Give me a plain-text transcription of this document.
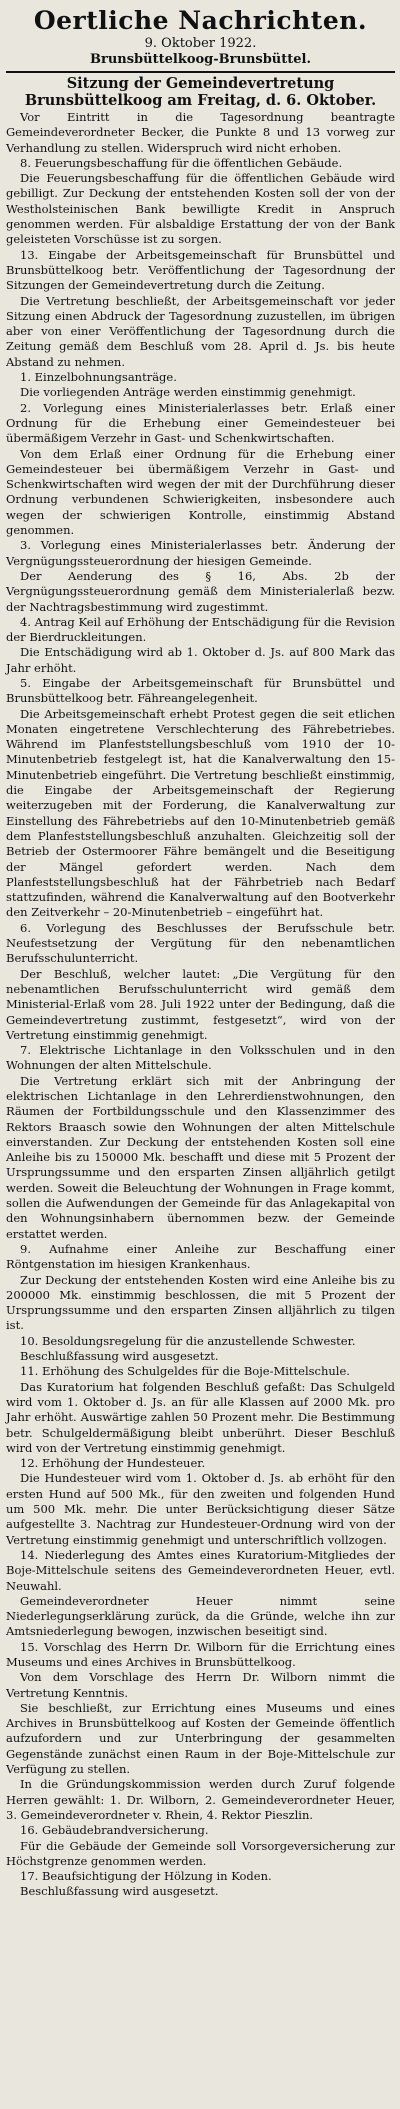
Oertliche Nachrichten.
9. Oktober 1922.
Brunsbüttelkoog-Brunsbüttel.
Sitzung der Gemeindevertretung
Brunsbüttelkoog am Freitag, d. 6. Oktober.

Vor Eintritt in die Tagesordnung beantragte Gemeindeverordneter Becker, die Punkte 8 und 13 vorweg zur Verhandlung zu stellen. Widerspruch wird nicht erhoben.

8. Feuerungsbeschaffung für die öffentlichen Gebäude.

Die Feuerungsbeschaffung für die öffentlichen Gebäude wird gebilligt. Zur Deckung der entstehenden Kosten soll der von der Westholsteinischen Bank bewilligte Kredit in Anspruch genommen werden. Für alsbaldige Erstattung der von der Bank geleisteten Vorschüsse ist zu sorgen.

13. Eingabe der Arbeitsgemeinschaft für Brunsbüttel und Brunsbüttelkoog betr. Veröffentlichung der Tagesordnung der Sitzungen der Gemeindevertretung durch die Zeitung.

Die Vertretung beschließt, der Arbeitsgemeinschaft vor jeder Sitzung einen Abdruck der Tagesordnung zuzustellen, im übrigen aber von einer Veröffentlichung der Tagesordnung durch die Zeitung gemäß dem Beschluß vom 28. April d. Js. bis heute Abstand zu nehmen.

1. Einzelbohnungsanträge.

Die vorliegenden Anträge werden einstimmig genehmigt.

2. Vorlegung eines Ministerialerlasses betr. Erlaß einer Ordnung für die Erhebung einer Gemeindesteuer bei übermäßigem Verzehr in Gast- und Schenkwirtschaften.

Von dem Erlaß einer Ordnung für die Erhebung einer Gemeindesteuer bei übermäßigem Verzehr in Gast- und Schenkwirtschaften wird wegen der mit der Durchführung dieser Ordnung verbundenen Schwierigkeiten, insbesondere auch wegen der schwierigen Kontrolle, einstimmig Abstand genommen.

3. Vorlegung eines Ministerialerlasses betr. Änderung der Vergnügungssteuerordnung der hiesigen Gemeinde.

Der Aenderung des § 16, Abs. 2b der Vergnügungssteuerordnung gemäß dem Ministerialerlaß bezw. der Nachtragsbestimmung wird zugestimmt.

4. Antrag Keil auf Erhöhung der Entschädigung für die Revision der Bierdruckleitungen.

Die Entschädigung wird ab 1. Oktober d. Js. auf 800 Mark das Jahr erhöht.

5. Eingabe der Arbeitsgemeinschaft für Brunsbüttel und Brunsbüttelkoog betr. Fähreangelegenheit.

Die Arbeitsgemeinschaft erhebt Protest gegen die seit etlichen Monaten eingetretene Verschlechterung des Fährebetriebes. Während im Planfeststellungsbeschluß vom 1910 der 10-Minutenbetrieb festgelegt ist, hat die Kanalverwaltung den 15-Minutenbetrieb eingeführt. Die Vertretung beschließt einstimmig, die Eingabe der Arbeitsgemeinschaft der Regierung weiterzugeben mit der Forderung, die Kanalverwaltung zur Einstellung des Fährebetriebs auf den 10-Minutenbetrieb gemäß dem Planfeststellungsbeschluß anzuhalten. Gleichzeitig soll der Betrieb der Ostermoorer Fähre bemängelt und die Beseitigung der Mängel gefordert werden. Nach dem Planfeststellungsbeschluß hat der Fährbetrieb nach Bedarf stattzufinden, während die Kanalverwaltung auf den Bootverkehr den Zeitverkehr – 20-Minutenbetrieb – eingeführt hat.

6. Vorlegung des Beschlusses der Berufsschule betr. Neufestsetzung der Vergütung für den nebenamtlichen Berufsschulunterricht.

Der Beschluß, welcher lautet: „Die Vergütung für den nebenamtlichen Berufsschulunterricht wird gemäß dem Ministerial-Erlaß vom 28. Juli 1922 unter der Bedingung, daß die Gemeindevertretung zustimmt, festgesetzt“, wird von der Vertretung einstimmig genehmigt.

7. Elektrische Lichtanlage in den Volksschulen und in den Wohnungen der alten Mittelschule.

Die Vertretung erklärt sich mit der Anbringung der elektrischen Lichtanlage in den Lehrerdienstwohnungen, den Räumen der Fortbildungsschule und den Klassenzimmer des Rektors Braasch sowie den Wohnungen der alten Mittelschule einverstanden. Zur Deckung der entstehenden Kosten soll eine Anleihe bis zu 150000 Mk. beschafft und diese mit 5 Prozent der Ursprungssumme und den ersparten Zinsen alljährlich getilgt werden. Soweit die Beleuchtung der Wohnungen in Frage kommt, sollen die Aufwendungen der Gemeinde für das Anlagekapital von den Wohnungsinhabern übernommen bezw. der Gemeinde erstattet werden.

9. Aufnahme einer Anleihe zur Beschaffung einer Röntgenstation im hiesigen Krankenhaus.

Zur Deckung der entstehenden Kosten wird eine Anleihe bis zu 200000 Mk. einstimmig beschlossen, die mit 5 Prozent der Ursprungssumme und den ersparten Zinsen alljährlich zu tilgen ist.

10. Besoldungsregelung für die anzustellende Schwester.

Beschlußfassung wird ausgesetzt.

11. Erhöhung des Schulgeldes für die Boje-Mittelschule.

Das Kuratorium hat folgenden Beschluß gefaßt: Das Schulgeld wird vom 1. Oktober d. Js. an für alle Klassen auf 2000 Mk. pro Jahr erhöht. Auswärtige zahlen 50 Prozent mehr. Die Bestimmung betr. Schulgeldermäßigung bleibt unberührt. Dieser Beschluß wird von der Vertretung einstimmig genehmigt.

12. Erhöhung der Hundesteuer.

Die Hundesteuer wird vom 1. Oktober d. Js. ab erhöht für den ersten Hund auf 500 Mk., für den zweiten und folgenden Hund um 500 Mk. mehr. Die unter Berücksichtigung dieser Sätze aufgestellte 3. Nachtrag zur Hundesteuer-Ordnung wird von der Vertretung einstimmig genehmigt und unterschriftlich vollzogen.

14. Niederlegung des Amtes eines Kuratorium-Mitgliedes der Boje-Mittelschule seitens des Gemeindeverordneten Heuer, evtl. Neuwahl.

Gemeindeverordneter Heuer nimmt seine Niederlegungserklärung zurück, da die Gründe, welche ihn zur Amtsniederlegung bewogen, inzwischen beseitigt sind.

15. Vorschlag des Herrn Dr. Wilborn für die Errichtung eines Museums und eines Archives in Brunsbüttelkoog.

Von dem Vorschlage des Herrn Dr. Wilborn nimmt die Vertretung Kenntnis.

Sie beschließt, zur Errichtung eines Museums und eines Archives in Brunsbüttelkoog auf Kosten der Gemeinde öffentlich aufzufordern und zur Unterbringung der gesammelten Gegenstände zunächst einen Raum in der Boje-Mittelschule zur Verfügung zu stellen.

In die Gründungskommission werden durch Zuruf folgende Herren gewählt: 1. Dr. Wilborn, 2. Gemeindeverordneter Heuer, 3. Gemeindeverordneter v. Rhein, 4. Rektor Pieszlin.

16. Gebäudebrandversicherung.

Für die Gebäude der Gemeinde soll Vorsorgeversicherung zur Höchstgrenze genommen werden.

17. Beaufsichtigung der Hölzung in Koden.

Beschlußfassung wird ausgesetzt.
